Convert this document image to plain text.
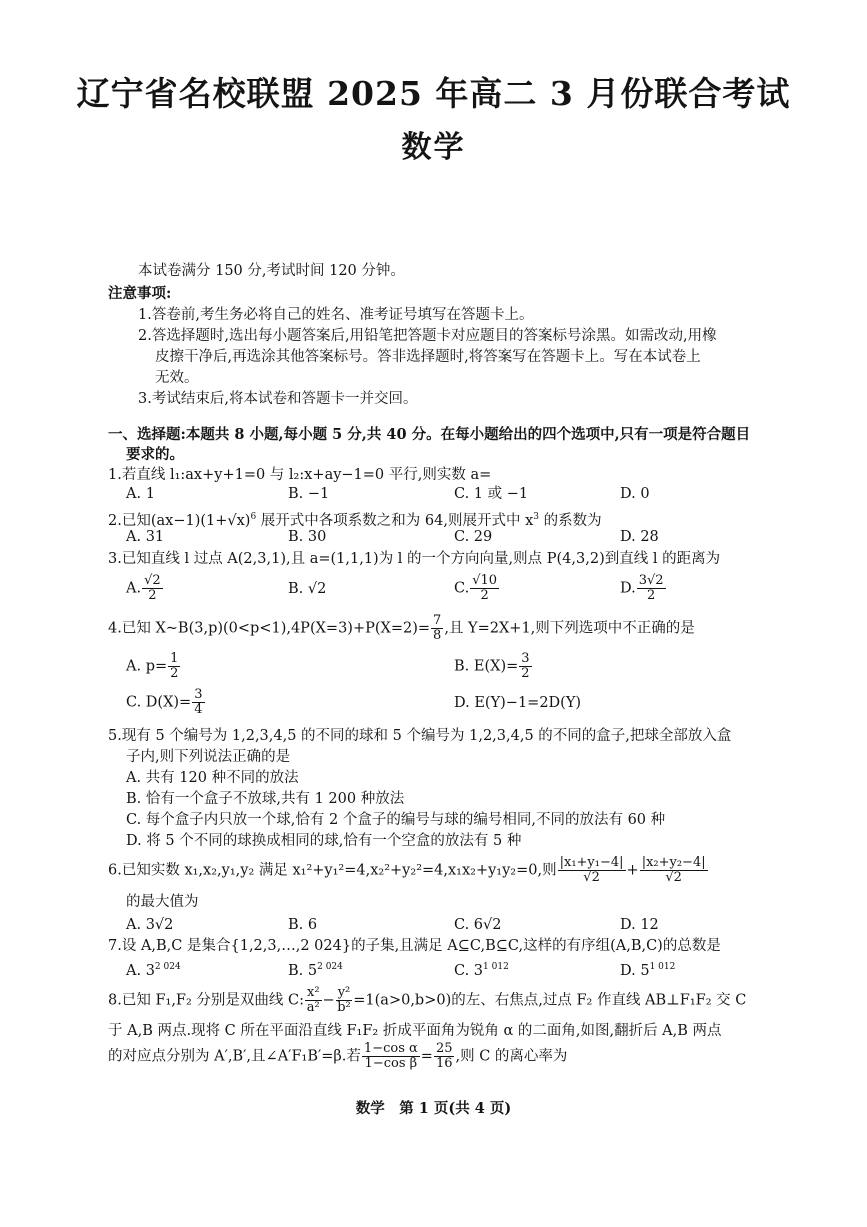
辽宁省名校联盟 2025 年高二 3 月份联合考试
数学
本试卷满分 150 分,考试时间 120 分钟。
注意事项:
1.答卷前,考生务必将自己的姓名、准考证号填写在答题卡上。
2.答选择题时,选出每小题答案后,用铅笔把答题卡对应题目的答案标号涂黑。如需改动,用橡
皮擦干净后,再选涂其他答案标号。答非选择题时,将答案写在答题卡上。写在本试卷上
无效。
3.考试结束后,将本试卷和答题卡一并交回。
一、选择题:本题共 8 小题,每小题 5 分,共 40 分。在每小题给出的四个选项中,只有一项是符合题目
要求的。
1.若直线 l₁:ax+y+1=0 与 l₂:x+ay−1=0 平行,则实数 a=
A. 1	B. −1	C. 1 或 −1	D. 0
2.已知$(ax-1)(1+√x)^6$ 展开式中各项系数之和为 64,则展开式中 $x^3$ 的系数为
A. 31	B. 30	C. 29	D. 28
3.已知直线 l 过点 A(2,3,1),且 a=(1,1,1)为 l 的一个方向向量,则点 P(4,3,2)到直线 l 的距离为
A. $\frac{√2}{2}$	B. √2	C. $\frac{√10}{2}$	D. $\frac{3√2}{2}$
4.已知 X~B(3,p)(0<p<1),4P(X=3)+P(X=2)= $\frac{7}{8}$ ,且 Y=2X+1,则下列选项中不正确的是
A. $p= \frac{1}{2}$	B. $E(X)= \frac{3}{2}$
C. $D(X)= \frac{3}{4}$	D. E(Y)−1=2D(Y)
5.现有 5 个编号为 1,2,3,4,5 的不同的球和 5 个编号为 1,2,3,4,5 的不同的盒子,把球全部放入盒
子内,则下列说法正确的是
A. 共有 120 种不同的放法
B. 恰有一个盒子不放球,共有 1 200 种放法
C. 每个盒子内只放一个球,恰有 2 个盒子的编号与球的编号相同,不同的放法有 60 种
D. 将 5 个不同的球换成相同的球,恰有一个空盒的放法有 5 种
6.已知实数 x₁,x₂,y₁,y₂ 满足 x₁²+y₁²=4,x₂²+y₂²=4,x₁x₂+y₁y₂=0,则 $\frac{\text{|x₁+y₁−4|}}{√2} + \frac{\text{|x₂+y₂−4|}}{√2}$
的最大值为
A. 3√2	B. 6	C. 6√2	D. 12
7.设 A,B,C 是集合{1,2,3,…,2 024}的子集,且满足 A⊆C,B⊆C,这样的有序组(A,B,C)的总数是
A. $3^{2 024}$	B. $5^{2 024}$	C. $3^{1 012}$	D. $5^{1 012}$
8.已知 F₁,F₂ 分别是双曲线 C: $\frac{\text{x²}}{\text{a²}} - \frac{\text{y²}}{\text{b²}} =1(a>0,b>0)$的左、右焦点,过点 F₂ 作直线 AB⊥F₁F₂ 交 C
于 A,B 两点.现将 C 所在平面沿直线 F₁F₂ 折成平面角为锐角 α 的二面角,如图,翻折后 A,B 两点
的对应点分别为 A′,B′,且∠A′F₁B′=β.若 $\frac{\text{1−cos α}}{\text{1−cos β}} = \frac{25}{16}$ ,则 C 的离心率为
数学　第 1 页(共 4 页)
